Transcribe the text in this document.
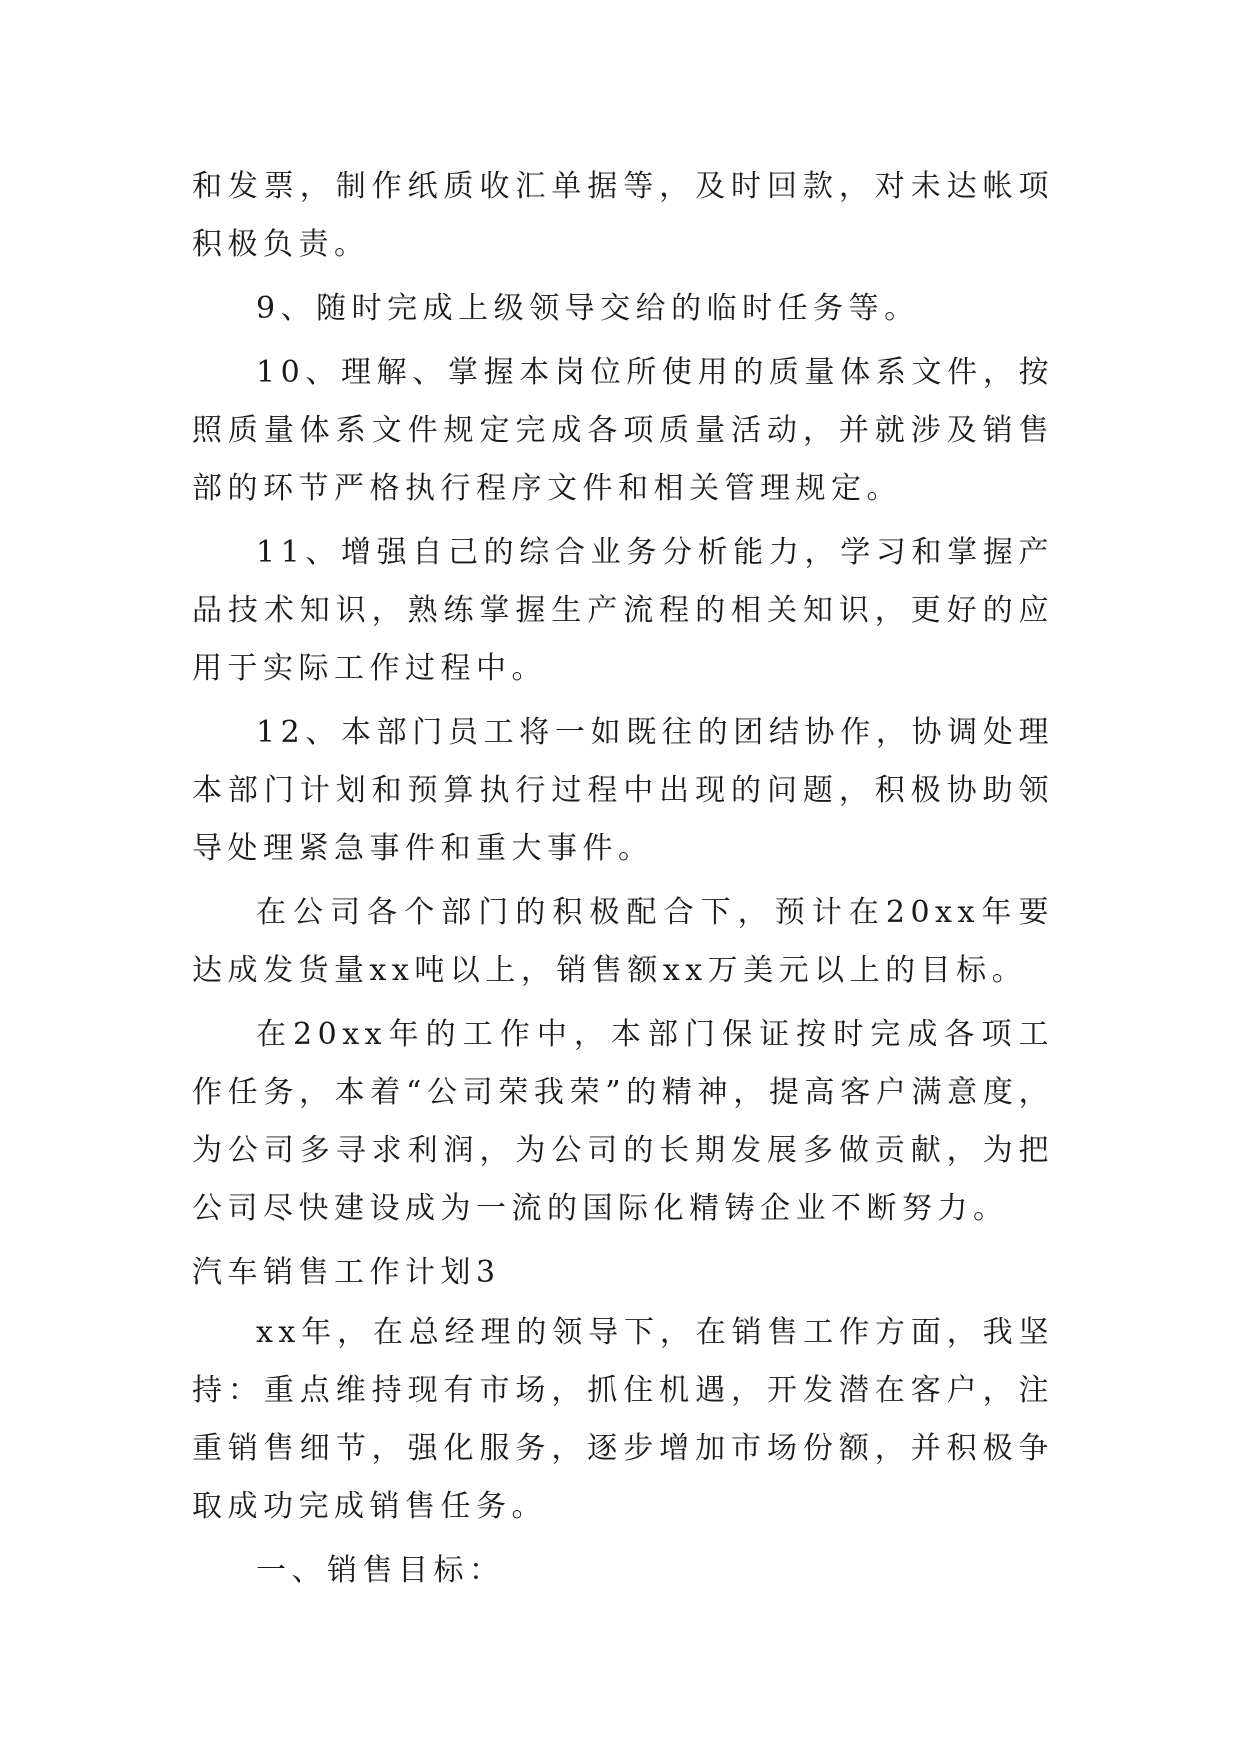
和发票，制作纸质收汇单据等，及时回款，对未达帐项积极负责。

9、随时完成上级领导交给的临时任务等。

10、理解、掌握本岗位所使用的质量体系文件，按照质量体系文件规定完成各项质量活动，并就涉及销售部的环节严格执行程序文件和相关管理规定。

11、增强自己的综合业务分析能力，学习和掌握产品技术知识，熟练掌握生产流程的相关知识，更好的应用于实际工作过程中。

12、本部门员工将一如既往的团结协作，协调处理本部门计划和预算执行过程中出现的问题，积极协助领导处理紧急事件和重大事件。

在公司各个部门的积极配合下，预计在20xx年要达成发货量xx吨以上，销售额xx万美元以上的目标。

在20xx年的工作中，本部门保证按时完成各项工作任务，本着“公司荣我荣”的精神，提高客户满意度，为公司多寻求利润，为公司的长期发展多做贡献，为把公司尽快建设成为一流的国际化精铸企业不断努力。

汽车销售工作计划3

xx年，在总经理的领导下，在销售工作方面，我坚持：重点维持现有市场，抓住机遇，开发潜在客户，注重销售细节，强化服务，逐步增加市场份额，并积极争取成功完成销售任务。

一、销售目标：
